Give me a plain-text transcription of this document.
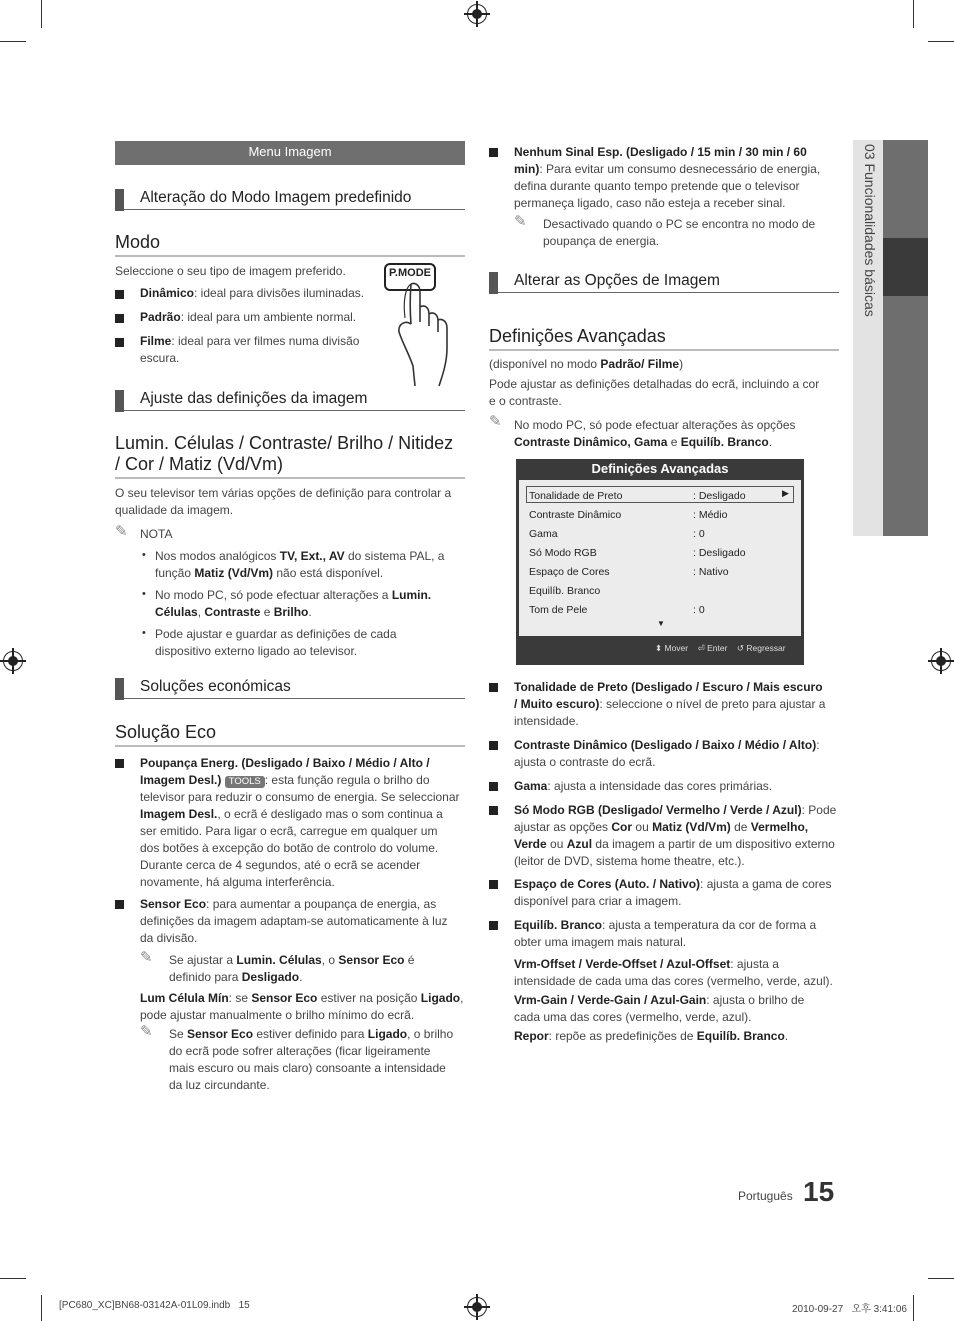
03 Funcionalidades básicas
Menu Imagem
Alteração do Modo Imagem predefinido
Modo
Seleccione o seu tipo de imagem preferido.
Dinâmico: ideal para divisões iluminadas.
Padrão: ideal para um ambiente normal.
Filme: ideal para ver filmes numa divisão
escura.
P.MODE
Ajuste das definições da imagem
Lumin. Células / Contraste/ Brilho / Nitidez
/ Cor / Matiz (Vd/Vm)
O seu televisor tem várias opções de definição para controlar a
qualidade da imagem.
✎ NOTA
• Nos modos analógicos TV, Ext., AV do sistema PAL, a
função Matiz (Vd/Vm) não está disponível.
• No modo PC, só pode efectuar alterações a Lumin.
Células, Contraste e Brilho.
• Pode ajustar e guardar as definições de cada
dispositivo externo ligado ao televisor.
Soluções económicas
Solução Eco
Poupança Energ. (Desligado / Baixo / Médio / Alto /
Imagem Desl.) TOOLS : esta função regula o brilho do
televisor para reduzir o consumo de energia. Se seleccionar
Imagem Desl., o ecrã é desligado mas o som continua a
ser emitido. Para ligar o ecrã, carregue em qualquer um
dos botões à excepção do botão de controlo do volume.
Durante cerca de 4 segundos, até o ecrã se acender
novamente, há alguma interferência.
Sensor Eco: para aumentar a poupança de energia, as
definições da imagem adaptam-se automaticamente à luz
da divisão.
✎ Se ajustar a Lumin. Células, o Sensor Eco é
definido para Desligado.
Lum Célula Mín: se Sensor Eco estiver na posição Ligado,
pode ajustar manualmente o brilho mínimo do ecrã.
✎ Se Sensor Eco estiver definido para Ligado, o brilho
do ecrã pode sofrer alterações (ficar ligeiramente
mais escuro ou mais claro) consoante a intensidade
da luz circundante.
Nenhum Sinal Esp. (Desligado / 15 min / 30 min / 60
min): Para evitar um consumo desnecessário de energia,
defina durante quanto tempo pretende que o televisor
permaneça ligado, caso não esteja a receber sinal.
✎ Desactivado quando o PC se encontra no modo de
poupança de energia.
Alterar as Opções de Imagem
Definições Avançadas
(disponível no modo Padrão/ Filme)
Pode ajustar as definições detalhadas do ecrã, incluindo a cor
e o contraste.
✎ No modo PC, só pode efectuar alterações às opções
Contraste Dinâmico, Gama e Equilíb. Branco.
Definições Avançadas
Tonalidade de Preto
Contraste Dinâmico
Gama
Só Modo RGB
Espaço de Cores
Equilíb. Branco
Tom de Pele
: Desligado
: Médio
: 0
: Desligado
: Nativo

: 0
▶
▼
⬍ Mover ⏎ Enter ↺ Regressar
Tonalidade de Preto (Desligado / Escuro / Mais escuro
/ Muito escuro): seleccione o nível de preto para ajustar a
intensidade.
Contraste Dinâmico (Desligado / Baixo / Médio / Alto):
ajusta o contraste do ecrã.
Gama: ajusta a intensidade das cores primárias.
Só Modo RGB (Desligado/ Vermelho / Verde / Azul): Pode
ajustar as opções Cor ou Matiz (Vd/Vm) de Vermelho,
Verde ou Azul da imagem a partir de um dispositivo externo
(leitor de DVD, sistema home theatre, etc.).
Espaço de Cores (Auto. / Nativo): ajusta a gama de cores
disponível para criar a imagem.
Equilíb. Branco: ajusta a temperatura da cor de forma a
obter uma imagem mais natural.
Vrm-Offset / Verde-Offset / Azul-Offset: ajusta a
intensidade de cada uma das cores (vermelho, verde, azul).
Vrm-Gain / Verde-Gain / Azul-Gain: ajusta o brilho de
cada uma das cores (vermelho, verde, azul).
Repor: repõe as predefinições de Equilíb. Branco.
Português 15
[PC680_XC]BN68-03142A-01L09.indb   15	2010-09-27   오후 3:41:06
